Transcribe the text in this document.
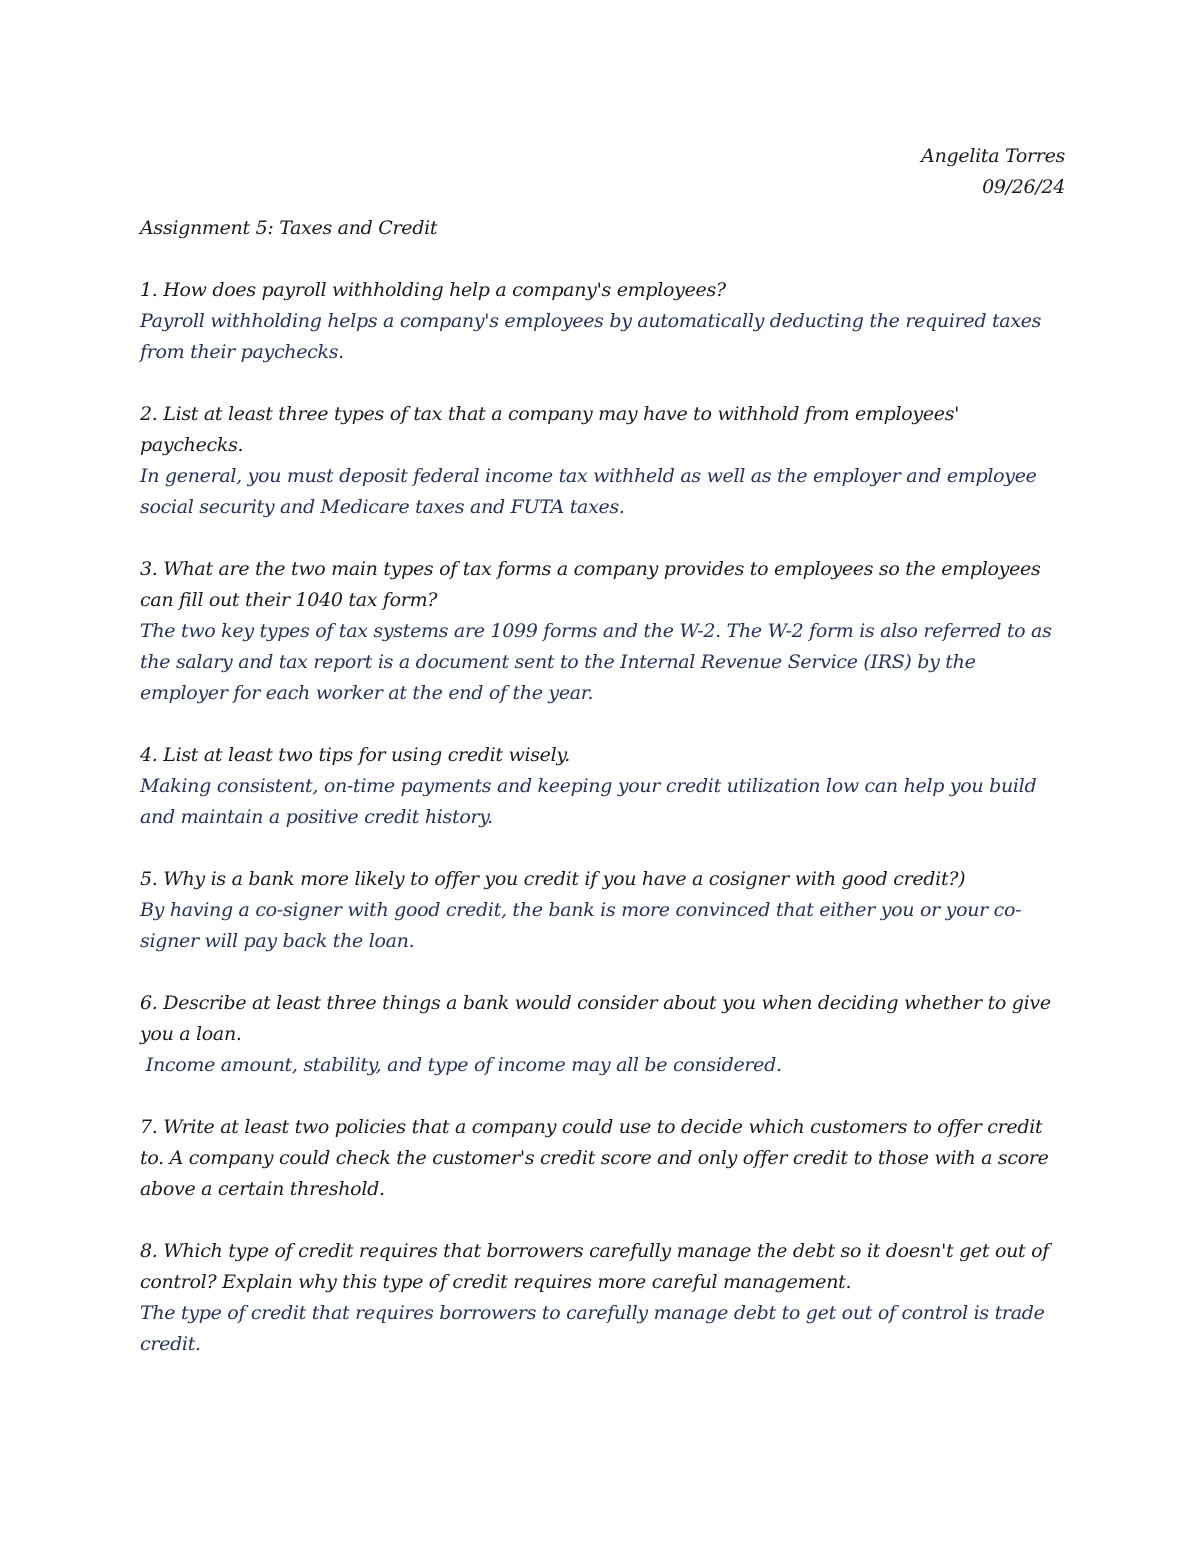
Angelita Torres
09/26/24
Assignment 5: Taxes and Credit

1. How does payroll withholding help a company's employees?

Payroll withholding helps a company's employees by automatically deducting the required taxes from their paychecks.

2. List at least three types of tax that a company may have to withhold from employees' paychecks.

In general, you must deposit federal income tax withheld as well as the employer and employee social security and Medicare taxes and FUTA taxes.

3. What are the two main types of tax forms a company provides to employees so the employees can fill out their 1040 tax form?

The two key types of tax systems are 1099 forms and the W-2. The W-2 form is also referred to as the salary and tax report is a document sent to the Internal Revenue Service (IRS) by the employer for each worker at the end of the year.

4. List at least two tips for using credit wisely.

Making consistent, on-time payments and keeping your credit utilization low can help you build and maintain a positive credit history.

5. Why is a bank more likely to offer you credit if you have a cosigner with good credit?)

By having a co-signer with good credit, the bank is more convinced that either you or your co-signer will pay back the loan.

6. Describe at least three things a bank would consider about you when deciding whether to give you a loan.

Income amount, stability, and type of income may all be considered.

7. Write at least two policies that a company could use to decide which customers to offer credit to. A company could check the customer's credit score and only offer credit to those with a score above a certain threshold.

8. Which type of credit requires that borrowers carefully manage the debt so it doesn't get out of control? Explain why this type of credit requires more careful management.

The type of credit that requires borrowers to carefully manage debt to get out of control is trade credit.
